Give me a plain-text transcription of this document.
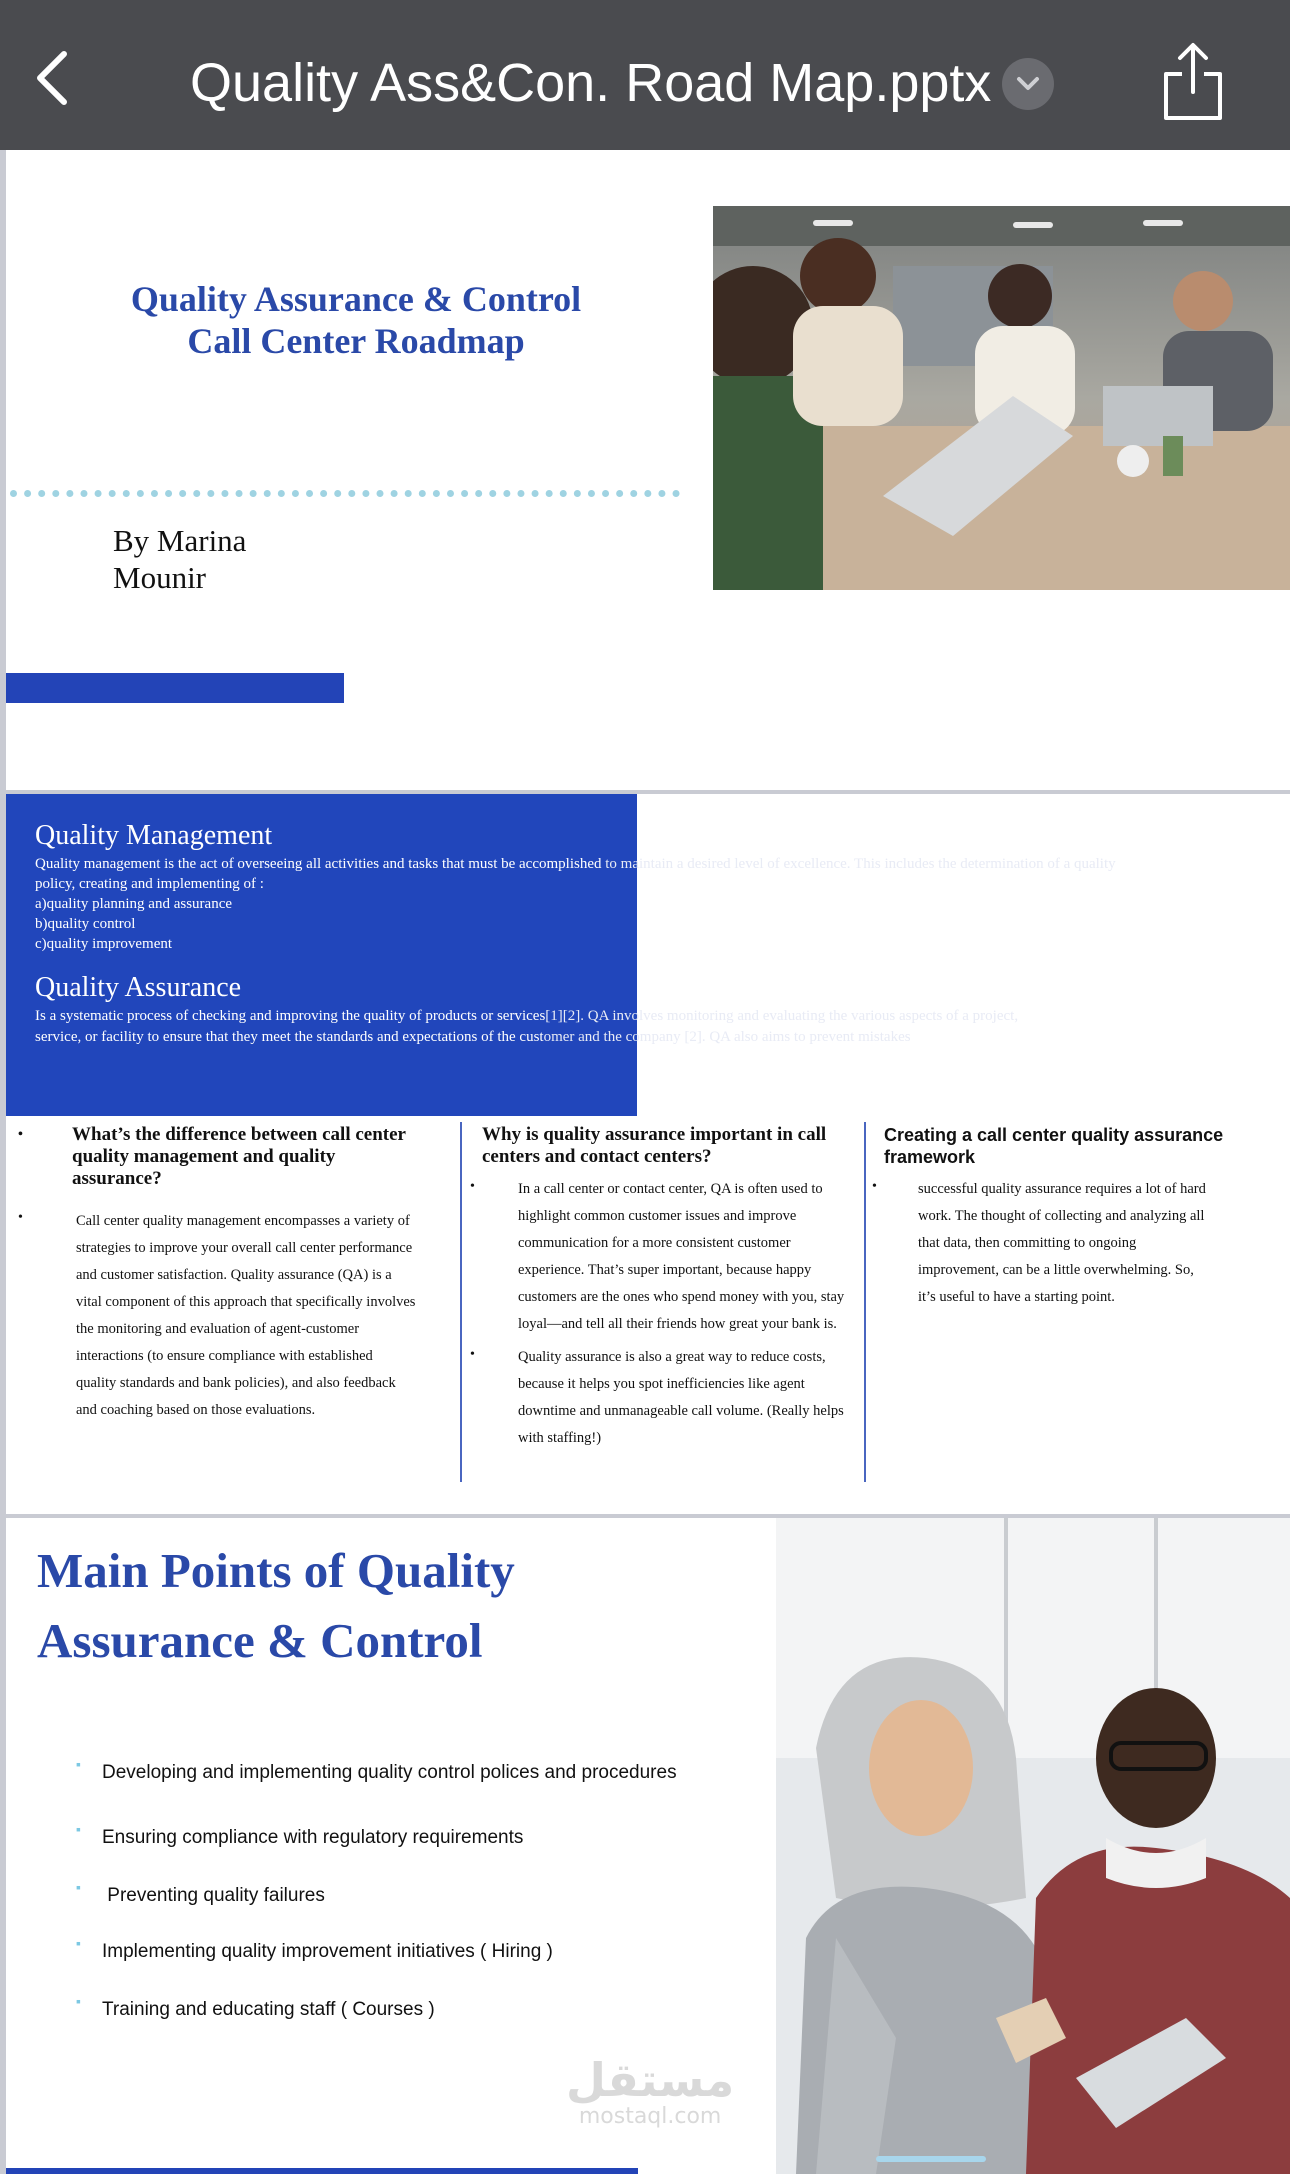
Quality Ass&Con. Road Map.pptx
Quality Assurance & Control
Call Center Roadmap
By Marina
Mounir
Quality Management
Quality management is the act of overseeing all activities and tasks that must be accomplished to maintain a desired level of excellence. This includes the determination of a quality
policy, creating and implementing of :
a)quality planning and assurance
b)quality control
c)quality improvement
Quality Assurance
Is a systematic process of checking and improving the quality of products or services[1][2]. QA involves monitoring and evaluating the various aspects of a project,
service, or facility to ensure that they meet the standards and expectations of the customer and the company [2]. QA also aims to prevent mistakes
•	What’s the difference between call center quality management and quality assurance?
•	Call center quality management encompasses a variety of strategies to improve your overall call center performance and customer satisfaction. Quality assurance (QA) is a vital component of this approach that specifically involves the monitoring and evaluation of agent-customer interactions (to ensure compliance with established quality standards and bank policies), and also feedback and coaching based on those evaluations.
Why is quality assurance important in call centers and contact centers?
•	In a call center or contact center, QA is often used to highlight common customer issues and improve communication for a more consistent customer experience. That’s super important, because happy customers are the ones who spend money with you, stay loyal—and tell all their friends how great your bank is.
•	Quality assurance is also a great way to reduce costs, because it helps you spot inefficiencies like agent downtime and unmanageable call volume. (Really helps with staffing!)
Creating a call center quality assurance framework
•	successful quality assurance requires a lot of hard work. The thought of collecting and analyzing all that data, then committing to ongoing improvement, can be a little overwhelming. So, it’s useful to have a starting point.
Main Points of Quality
Assurance & Control
▪ Developing and implementing quality control polices and procedures
▪ Ensuring compliance with regulatory requirements
▪ Preventing quality failures
▪ Implementing quality improvement initiatives ( Hiring )
▪ Training and educating staff ( Courses )
مستقل
mostaql.com
